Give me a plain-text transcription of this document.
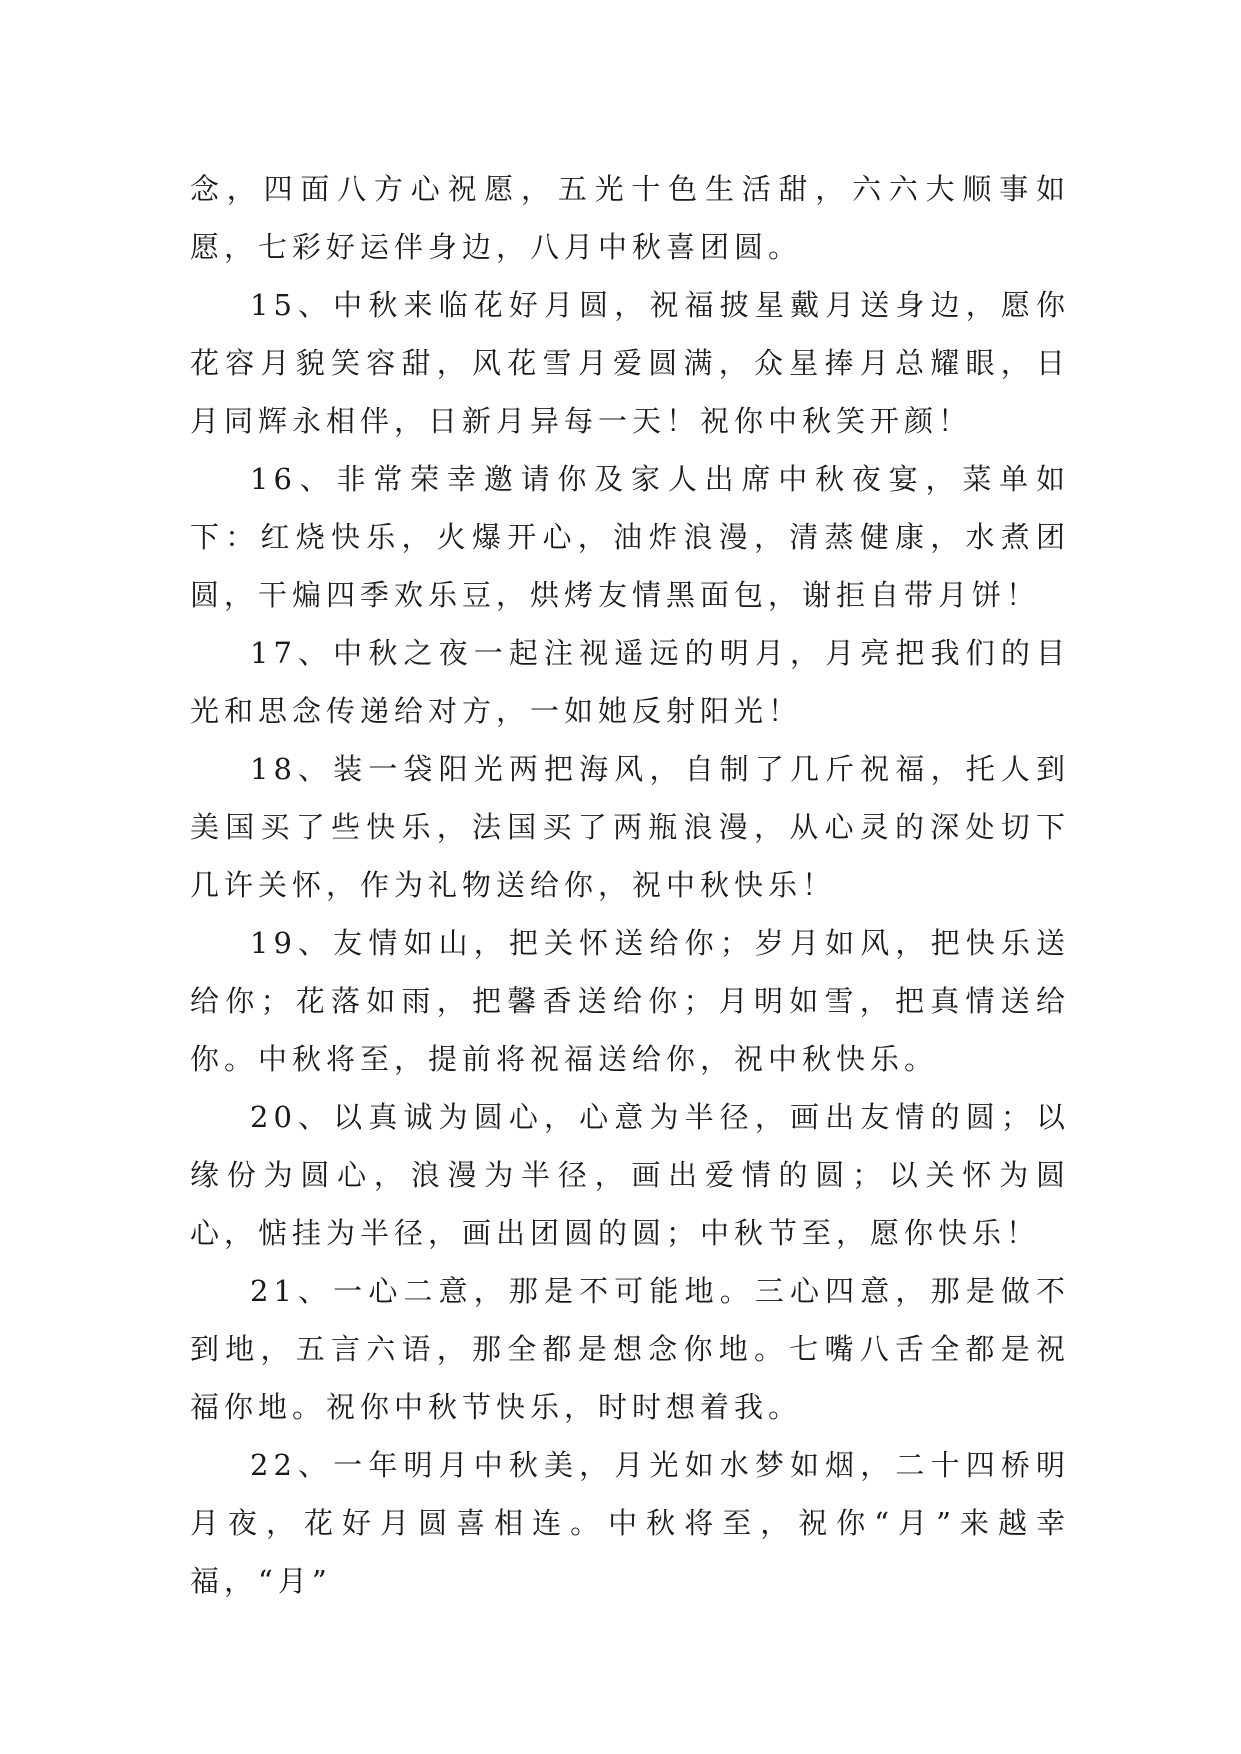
念，四面八方心祝愿，五光十色生活甜，六六大顺事如愿，七彩好运伴身边，八月中秋喜团圆。

15、中秋来临花好月圆，祝福披星戴月送身边，愿你花容月貌笑容甜，风花雪月爱圆满，众星捧月总耀眼，日月同辉永相伴，日新月异每一天！祝你中秋笑开颜！

16、非常荣幸邀请你及家人出席中秋夜宴，菜单如下：红烧快乐，火爆开心，油炸浪漫，清蒸健康，水煮团圆，干煸四季欢乐豆，烘烤友情黑面包，谢拒自带月饼！

17、中秋之夜一起注视遥远的明月，月亮把我们的目光和思念传递给对方，一如她反射阳光！

18、装一袋阳光两把海风，自制了几斤祝福，托人到美国买了些快乐，法国买了两瓶浪漫，从心灵的深处切下几许关怀，作为礼物送给你，祝中秋快乐！

19、友情如山，把关怀送给你；岁月如风，把快乐送给你；花落如雨，把馨香送给你；月明如雪，把真情送给你。中秋将至，提前将祝福送给你，祝中秋快乐。

20、以真诚为圆心，心意为半径，画出友情的圆；以缘份为圆心，浪漫为半径，画出爱情的圆；以关怀为圆心，惦挂为半径，画出团圆的圆；中秋节至，愿你快乐！

21、一心二意，那是不可能地。三心四意，那是做不到地，五言六语，那全都是想念你地。七嘴八舌全都是祝福你地。祝你中秋节快乐，时时想着我。

22、一年明月中秋美，月光如水梦如烟，二十四桥明月夜，花好月圆喜相连。中秋将至，祝你“月”来越幸福，“月”
